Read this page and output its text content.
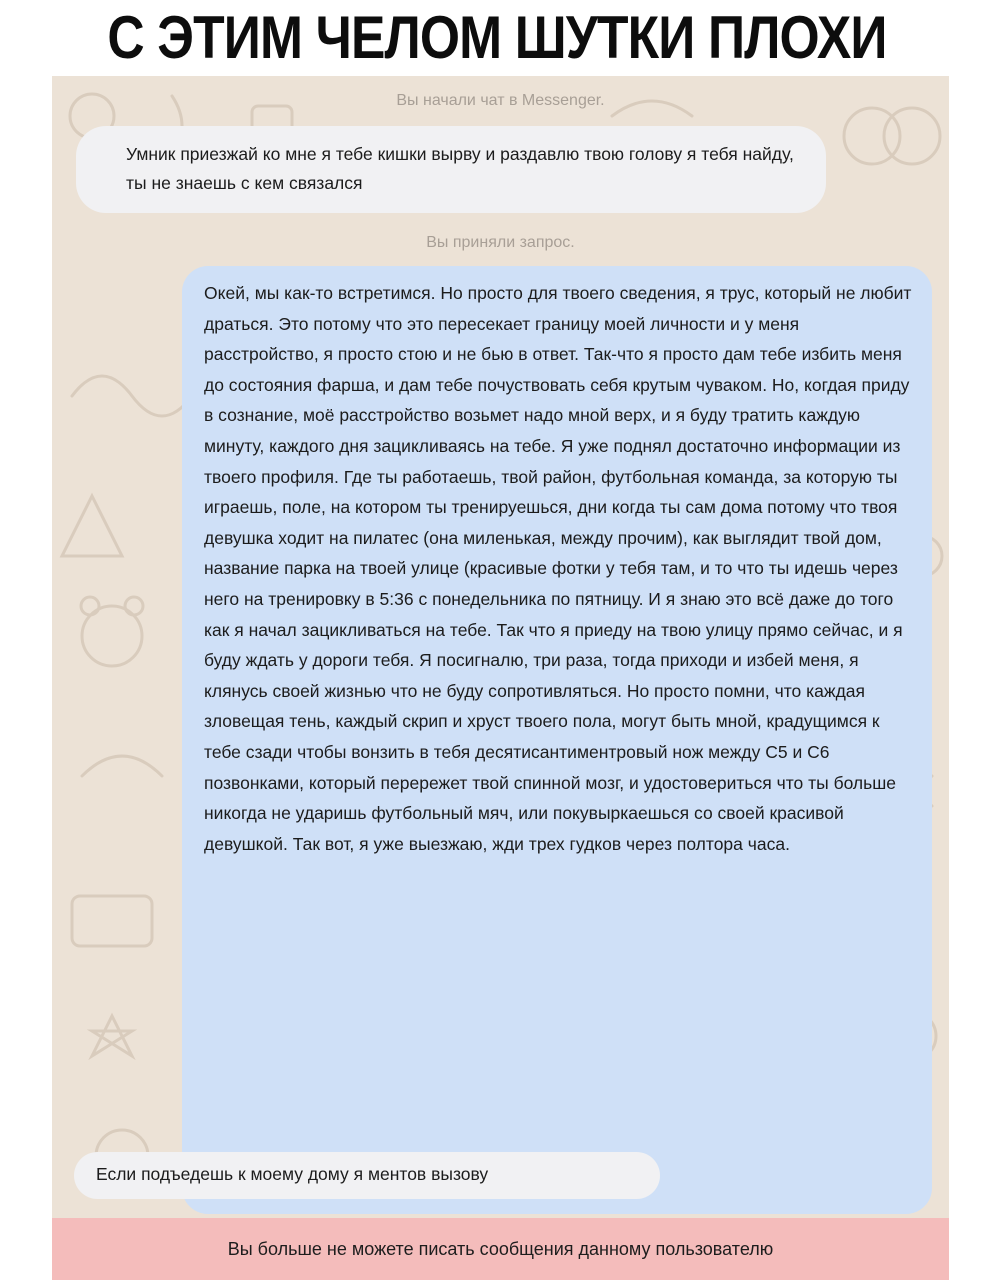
С ЭТИМ ЧЕЛОМ ШУТКИ ПЛОХИ
Вы начали чат в Messenger.
Умник приезжай ко мне я тебе кишки вырву и раздавлю твою голову я тебя найду, ты не знаешь с кем связался
Вы приняли запрос.
Окей, мы как-то встретимся. Но просто для твоего сведения, я трус, который не любит драться. Это потому что это пересекает границу моей личности и у меня расстройство, я просто стою и не бью в ответ. Так-что я просто дам тебе избить меня до состояния фарша, и дам тебе почуствовать себя крутым чуваком. Но, когдая приду в сознание, моё расстройство возьмет надо мной верх, и я буду тратить каждую минуту, каждого дня зацикливаясь на тебе. Я уже поднял достаточно информации из твоего профиля. Где ты работаешь, твой район, футбольная команда, за которую ты играешь, поле, на котором ты тренируешься, дни когда ты сам дома потому что твоя девушка ходит на пилатес (она миленькая, между прочим), как выглядит твой дом, название парка на твоей улице (красивые фотки у тебя там, и то что ты идешь через него на тренировку в 5:36 с понедельника по пятницу. И я знаю это всё даже до того как я начал зацикливаться на тебе. Так что я приеду на твою улицу прямо сейчас, и я буду ждать у дороги тебя. Я посигналю, три раза, тогда приходи и избей меня, я клянусь своей жизнью что не буду сопротивляться. Но просто помни, что каждая зловещая тень, каждый скрип и хруст твоего пола, могут быть мной, крадущимся к тебе сзади чтобы вонзить в тебя десятисантиментровый нож между С5 и С6 позвонками, который перережет твой спинной мозг, и удостовериться что ты больше никогда не ударишь футбольный мяч, или покувыркаешься со своей красивой девушкой. Так вот, я уже выезжаю, жди трех гудков через полтора часа.
Если подъедешь к моему дому я ментов вызову
Вы больше не можете писать сообщения данному пользователю
